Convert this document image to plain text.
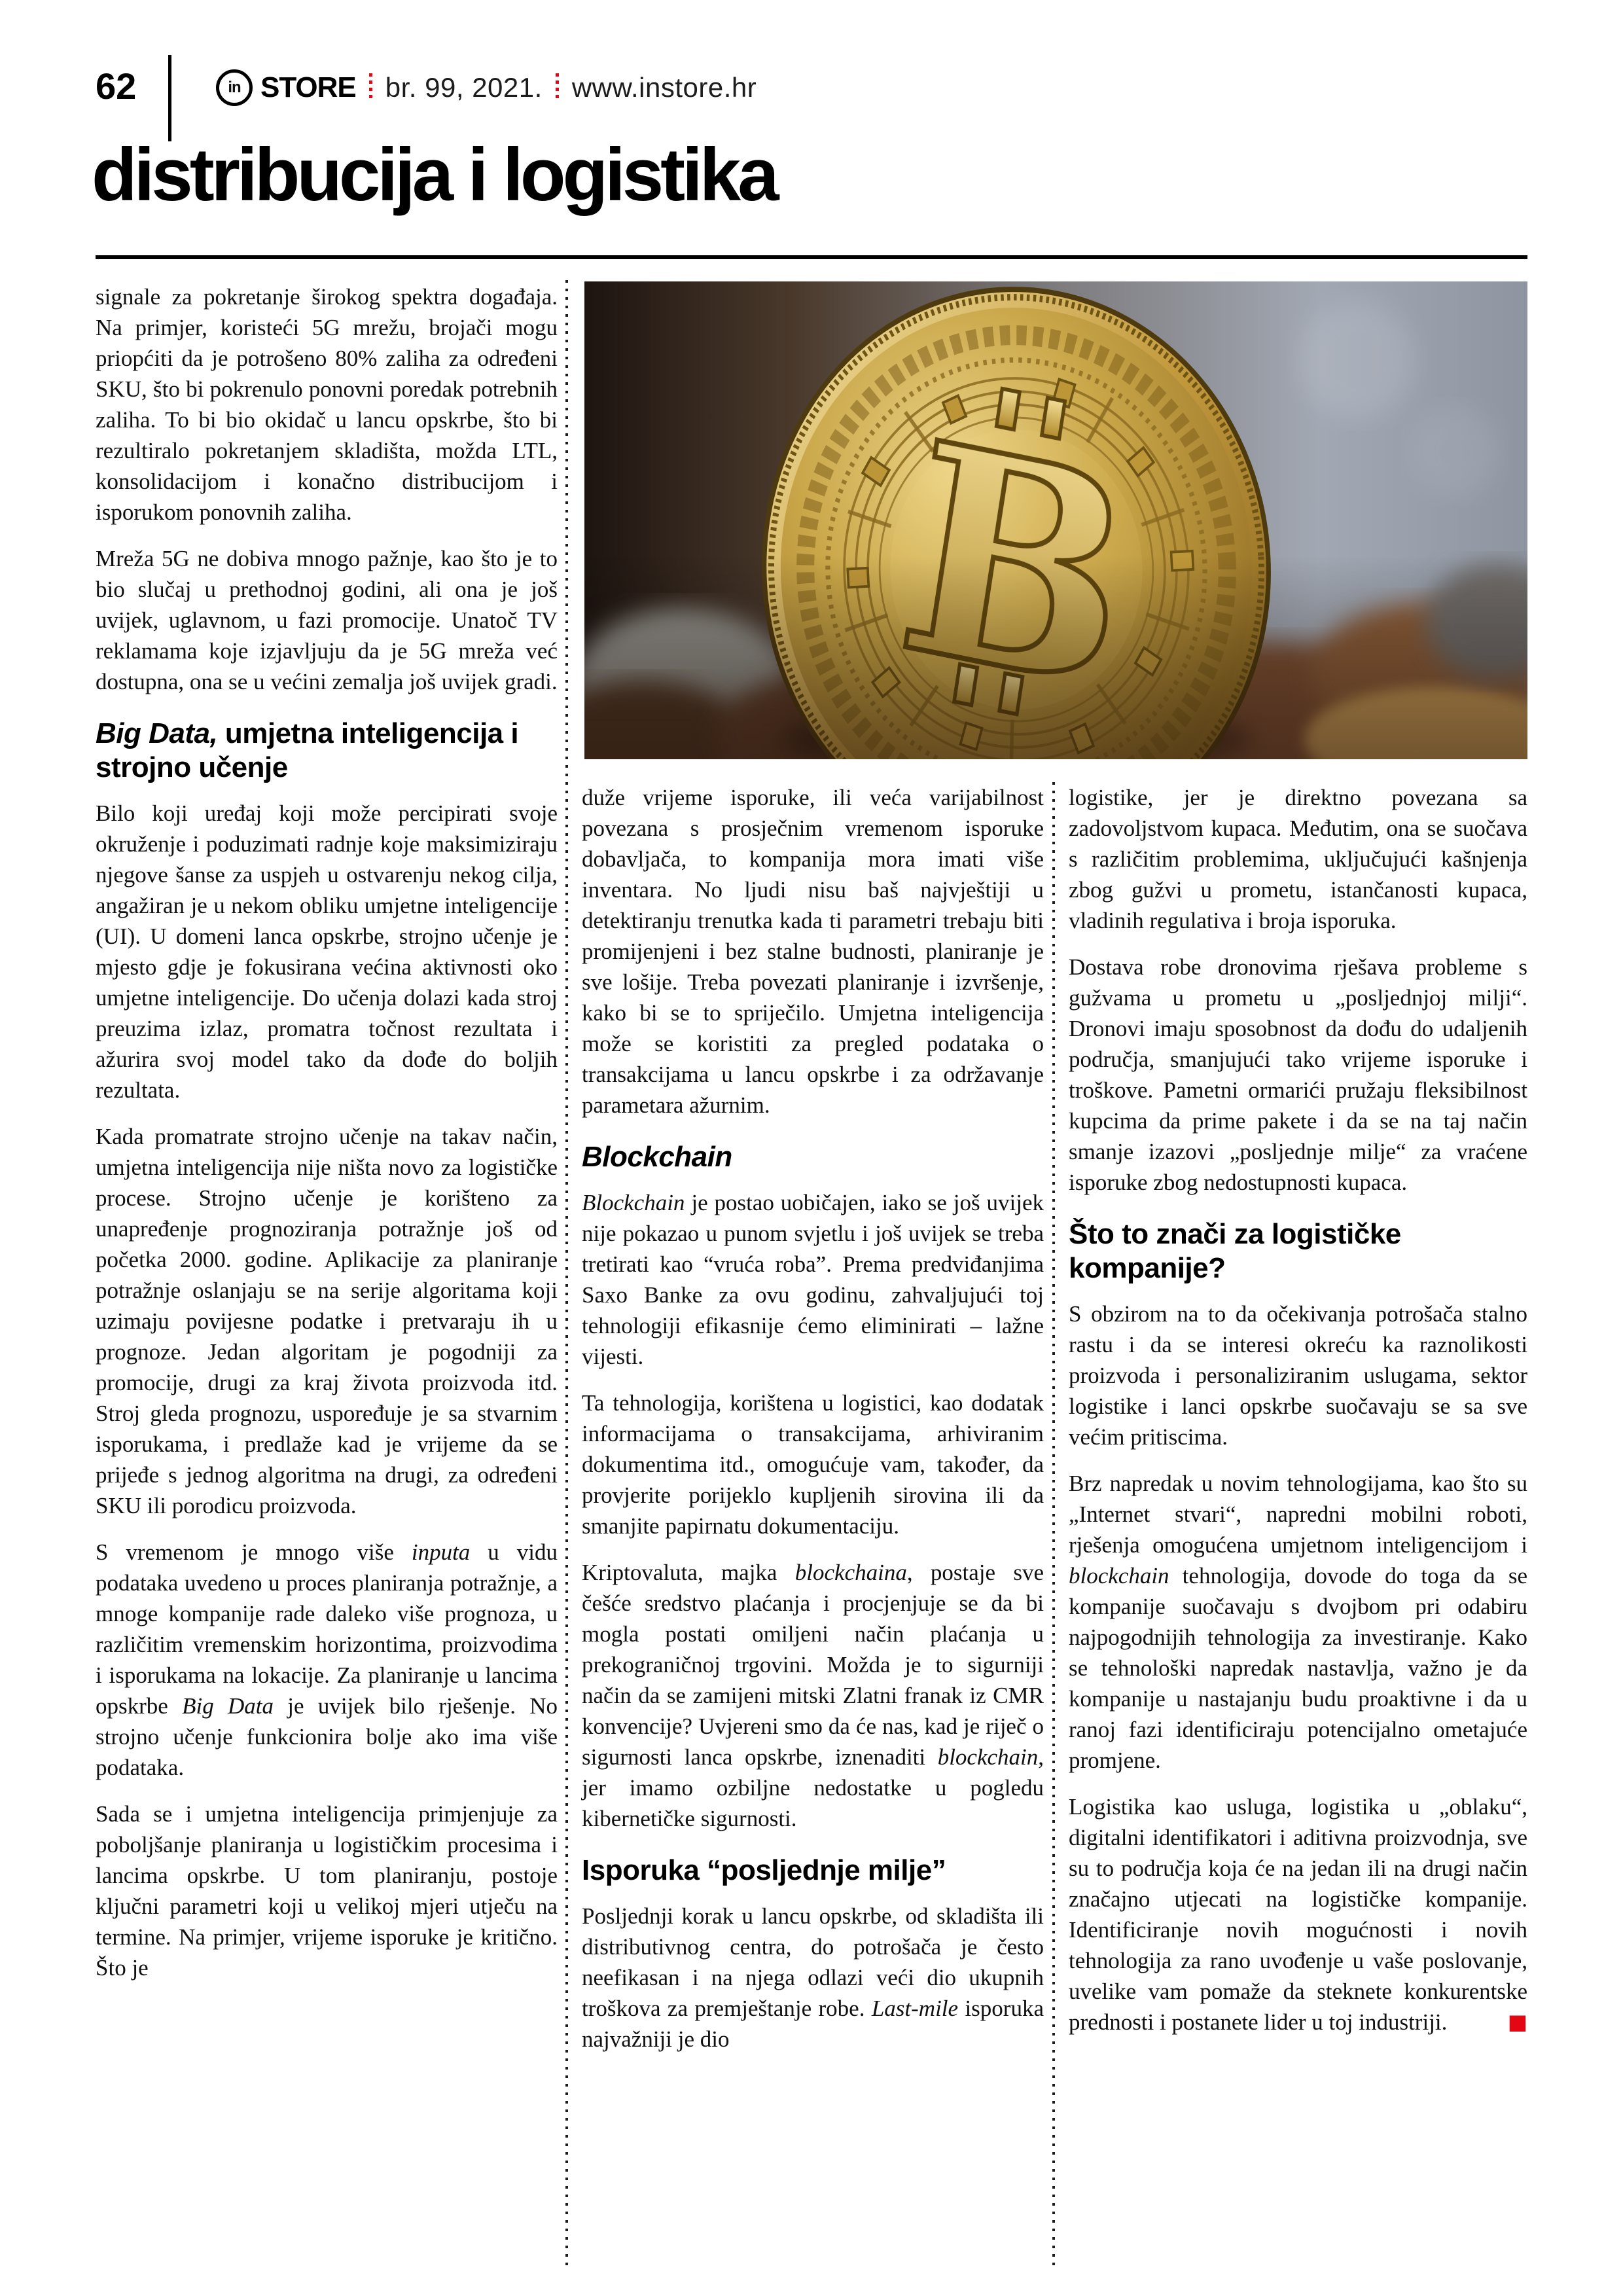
62	in STORE br. 99, 2021. www.instore.hr
distribucija i logistika

signale za pokretanje širokog spektra događaja. Na primjer, koristeći 5G mrežu, brojači mogu priopćiti da je potrošeno 80% zaliha za određeni SKU, što bi pokrenulo ponovni poredak potrebnih zaliha. To bi bio okidač u lancu opskrbe, što bi rezultiralo pokretanjem skladišta, možda LTL, konsolidacijom i konačno distribucijom i isporukom ponovnih zaliha.

Mreža 5G ne dobiva mnogo pažnje, kao što je to bio slučaj u prethodnoj godini, ali ona je još uvijek, uglavnom, u fazi promocije. Unatoč TV reklamama koje izjavljuju da je 5G mreža već dostupna, ona se u većini zemalja još uvijek gradi.

Big Data, umjetna inteligencija i strojno učenje

Bilo koji uređaj koji može percipirati svoje okruženje i poduzimati radnje koje maksimiziraju njegove šanse za uspjeh u ostvarenju nekog cilja, angažiran je u nekom obliku umjetne inteligencije (UI). U domeni lanca opskrbe, strojno učenje je mjesto gdje je fokusirana većina aktivnosti oko umjetne inteligencije. Do učenja dolazi kada stroj preuzima izlaz, promatra točnost rezultata i ažurira svoj model tako da dođe do boljih rezultata.

Kada promatrate strojno učenje na takav način, umjetna inteligencija nije ništa novo za logističke procese. Strojno učenje je korišteno za unapređenje prognoziranja potražnje još od početka 2000. godine. Aplikacije za planiranje potražnje oslanjaju se na serije algoritama koji uzimaju povijesne podatke i pretvaraju ih u prognoze. Jedan algoritam je pogodniji za promocije, drugi za kraj života proizvoda itd. Stroj gleda prognozu, uspoređuje je sa stvarnim isporukama, i predlaže kad je vrijeme da se prijeđe s jednog algoritma na drugi, za određeni SKU ili porodicu proizvoda.

S vremenom je mnogo više inputa u vidu podataka uvedeno u proces planiranja potražnje, a mnoge kompanije rade daleko više prognoza, u različitim vremenskim horizontima, proizvodima i isporukama na lokacije. Za planiranje u lancima opskrbe Big Data je uvijek bilo rješenje. No strojno učenje funkcionira bolje ako ima više podataka.

Sada se i umjetna inteligencija primjenjuje za poboljšanje planiranja u logističkim procesima i lancima opskrbe. U tom planiranju, postoje ključni parametri koji u velikoj mjeri utječu na termine. Na primjer, vrijeme isporuke je kritično. Što je

duže vrijeme isporuke, ili veća varijabilnost povezana s prosječnim vremenom isporuke dobavljača, to kompanija mora imati više inventara. No ljudi nisu baš najvještiji u detektiranju trenutka kada ti parametri trebaju biti promijenjeni i bez stalne budnosti, planiranje je sve lošije. Treba povezati planiranje i izvršenje, kako bi se to spriječilo. Umjetna inteligencija može se koristiti za pregled podataka o transakcijama u lancu opskrbe i za održavanje parametara ažurnim.

Blockchain

Blockchain je postao uobičajen, iako se još uvijek nije pokazao u punom svjetlu i još uvijek se treba tretirati kao “vruća roba”. Prema predviđanjima Saxo Banke za ovu godinu, zahvaljujući toj tehnologiji efikasnije ćemo eliminirati – lažne vijesti.

Ta tehnologija, korištena u logistici, kao dodatak informacijama o transakcijama, arhiviranim dokumentima itd., omogućuje vam, također, da provjerite porijeklo kupljenih sirovina ili da smanjite papirnatu dokumentaciju.

Kriptovaluta, majka blockchaina, postaje sve češće sredstvo plaćanja i procjenjuje se da bi mogla postati omiljeni način plaćanja u prekograničnoj trgovini. Možda je to sigurniji način da se zamijeni mitski Zlatni franak iz CMR konvencije? Uvjereni smo da će nas, kad je riječ o sigurnosti lanca opskrbe, iznenaditi blockchain, jer imamo ozbiljne nedostatke u pogledu kibernetičke sigurnosti.

Isporuka “posljednje milje”

Posljednji korak u lancu opskrbe, od skladišta ili distributivnog centra, do potrošača je često neefikasan i na njega odlazi veći dio ukupnih troškova za premještanje robe. Last-mile isporuka najvažniji je dio

logistike, jer je direktno povezana sa zadovoljstvom kupaca. Međutim, ona se suočava s različitim problemima, uključujući kašnjenja zbog gužvi u prometu, istančanosti kupaca, vladinih regulativa i broja isporuka.

Dostava robe dronovima rješava probleme s gužvama u prometu u „posljednjoj milji“. Dronovi imaju sposobnost da dođu do udaljenih područja, smanjujući tako vrijeme isporuke i troškove. Pametni ormarići pružaju fleksibilnost kupcima da prime pakete i da se na taj način smanje izazovi „posljednje milje“ za vraćene isporuke zbog nedostupnosti kupaca.

Što to znači za logističke kompanije?

S obzirom na to da očekivanja potrošača stalno rastu i da se interesi okreću ka raznolikosti proizvoda i personaliziranim uslugama, sektor logistike i lanci opskrbe suočavaju se sa sve većim pritiscima.

Brz napredak u novim tehnologijama, kao što su „Internet stvari“, napredni mobilni roboti, rješenja omogućena umjetnom inteligencijom i blockchain tehnologija, dovode do toga da se kompanije suočavaju s dvojbom pri odabiru najpogodnijih tehnologija za investiranje. Kako se tehnološki napredak nastavlja, važno je da kompanije u nastajanju budu proaktivne i da u ranoj fazi identificiraju potencijalno ometajuće promjene.

Logistika kao usluga, logistika u „oblaku“, digitalni identifikatori i aditivna proizvodnja, sve su to područja koja će na jedan ili na drugi način značajno utjecati na logističke kompanije. Identificiranje novih mogućnosti i novih tehnologija za rano uvođenje u vaše poslovanje, uvelike vam pomaže da steknete konkurentske prednosti i postanete lider u toj industriji.	■
